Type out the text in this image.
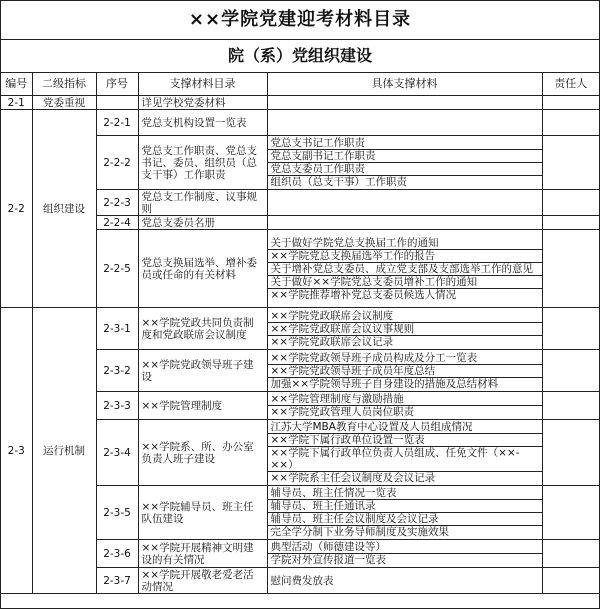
××学院党建迎考材料目录
院（系）党组织建设
编号	二级指标	序号	支撑材料目录	具体支撑材料	责任人
2-1	党委重视		详见学校党委材料		
2-2	组织建设	2-2-1	党总支机构设置一览表		
		2-2-2	党总支工作职责、党总支书记、委员、组织员（总支干事）工作职责	党总支书记工作职责
党总支副书记工作职责
党总支委员工作职责
组织员（总支干事）工作职责	

		2-2-3	党总支工作制度、议事规则		
		2-2-4	党总支委员名册		
		2-2-5	党总支换届选举、增补委员或任命的有关材料	关于做好学院党总支换届工作的通知
××学院党总支换届选举工作的报告
关于增补党总支委员、成立党支部及支部选举工作的意见
关于做好××学院党总支委员增补工作的通知
××学院推荐增补党总支委员候选人情况	

2-3	运行机制	2-3-1	××学院党政共同负责制度和党政联席会议制度	××学院党政联席会议制度
××学院党政联席会议议事规则
××学院党政联席会议记录	

		2-3-2	××学院党政领导班子建设	××学院党政领导班子成员构成及分工一览表
××学院党政领导班子成员年度总结
加强××学院领导班子自身建设的措施及总结材料	

		2-3-3	××学院管理制度	××学院管理制度与激励措施
××学院党政管理人员岗位职责	

		2-3-4	××学院系、所、办公室负责人班子建设	江苏大学MBA教育中心设置及人员组成情况
××学院下属行政单位设置一览表
××学院下属行政单位负责人员组成、任免文件（××-××）
××学院系主任会议制度及会议记录	

		2-3-5	××学院辅导员、班主任队伍建设	辅导员、班主任情况一览表
辅导员、班主任通讯录
辅导员、班主任会议制度及会议记录
完全学分制下业务导师制度及实施效果	

		2-3-6	××学院开展精神文明建设的有关情况	典型活动（师德建设等）
学院对外宣传报道一览表	

		2-3-7	××学院开展敬老爱老活动情况	慰问费发放表	
